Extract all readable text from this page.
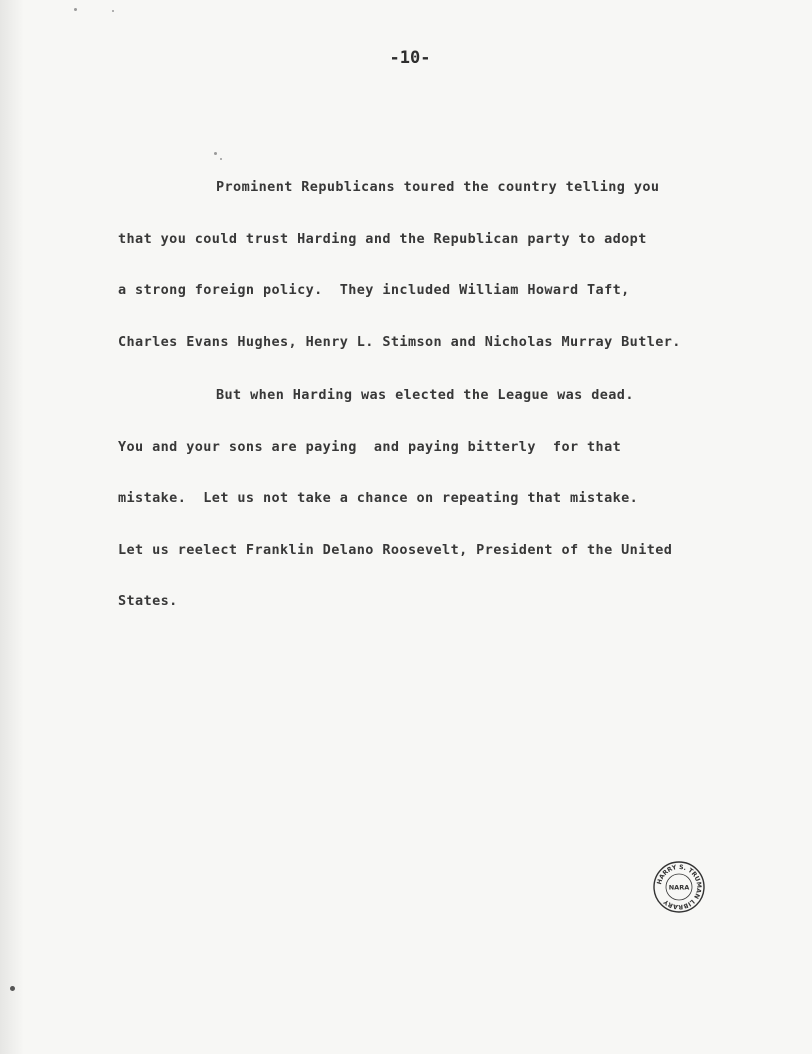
-10-
Prominent Republicans toured the country telling you
that you could trust Harding and the Republican party to adopt
a strong foreign policy.  They included William Howard Taft,
Charles Evans Hughes, Henry L. Stimson and Nicholas Murray Butler.
But when Harding was elected the League was dead.
You and your sons are paying  and paying bitterly  for that
mistake.  Let us not take a chance on repeating that mistake.
Let us reelect Franklin Delano Roosevelt, President of the United
States.
HARRY S. TRUMAN LIBRARY
NARA
